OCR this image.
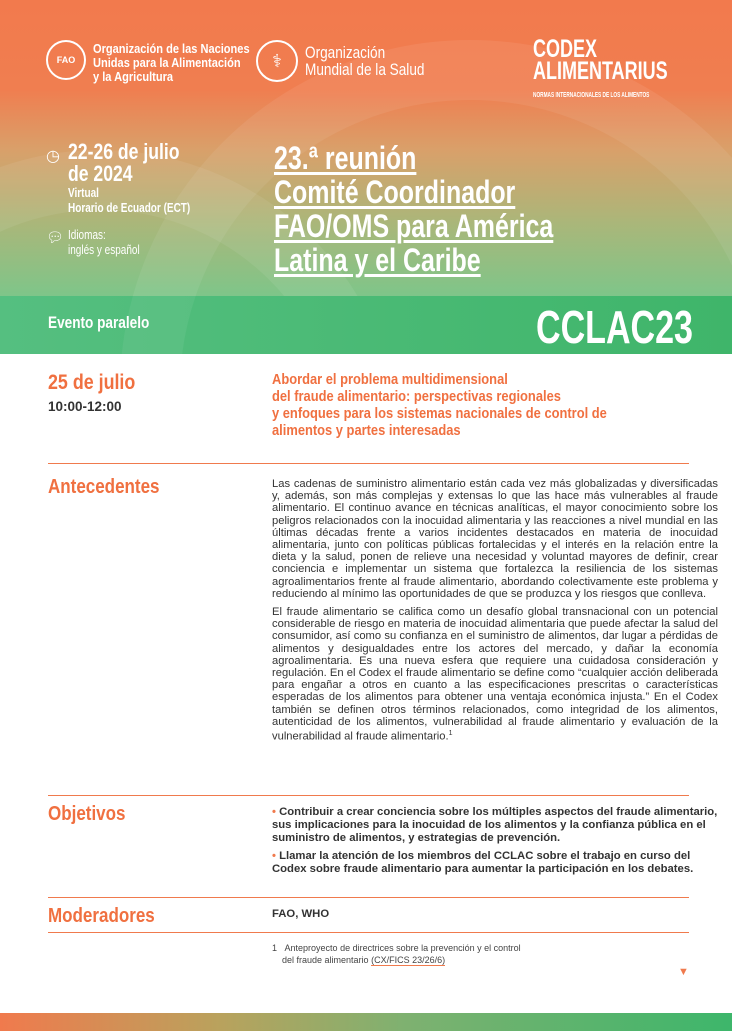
FAO
Organización de las Naciones
Unidas para la Alimentación
y la Agricultura
⚕	Organización
Mundial de la Salud
CODEX
ALIMENTARIUS NORMAS INTERNACIONALES DE LOS ALIMENTOS
◷ 22-26 de julio
de 2024
Virtual
Horario de Ecuador (ECT)
💬︎ Idiomas:
inglés y español
23.ª reunión
Comité Coordinador
FAO/OMS para América
Latina y el Caribe
Evento paralelo	CCLAC23
25 de julio
10:00-12:00
Abordar el problema multidimensional
del fraude alimentario: perspectivas regionales
y enfoques para los sistemas nacionales de control de
alimentos y partes interesadas
Antecedentes	Las cadenas de suministro alimentario están cada vez más globalizadas y diversificadas y, además, son más complejas y extensas lo que las hace más vulnerables al fraude alimentario. El continuo avance en técnicas analíticas, el mayor conocimiento sobre los peligros relacionados con la inocuidad alimentaria y las reacciones a nivel mundial en las últimas décadas frente a varios incidentes destacados en materia de inocuidad alimentaria, junto con políticas públicas fortalecidas y el interés en la relación entre la dieta y la salud, ponen de relieve una necesidad y voluntad mayores de definir, crear conciencia e implementar un sistema que fortalezca la resiliencia de los sistemas agroalimentarios frente al fraude alimentario, abordando colectivamente este problema y reduciendo al mínimo las oportunidades de que se produzca y los riesgos que conlleva.

El fraude alimentario se califica como un desafío global transnacional con un potencial considerable de riesgo en materia de inocuidad alimentaria que puede afectar la salud del consumidor, así como su confianza en el suministro de alimentos, dar lugar a pérdidas de alimentos y desigualdades entre los actores del mercado, y dañar la economía agroalimentaria. Es una nueva esfera que requiere una cuidadosa consideración y regulación. En el Codex el fraude alimentario se define como “cualquier acción deliberada para engañar a otros en cuanto a las especificaciones prescritas o características esperadas de los alimentos para obtener una ventaja económica injusta.” En el Codex también se definen otros términos relacionados, como integridad de los alimentos, autenticidad de los alimentos, vulnerabilidad al fraude alimentario y evaluación de la vulnerabilidad al fraude alimentario.$^1$

Objetivos	• Contribuir a crear conciencia sobre los múltiples aspectos del fraude alimentario, sus implicaciones para la inocuidad de los alimentos y la confianza pública en el suministro de alimentos, y estrategias de prevención.

• Llamar la atención de los miembros del CCLAC sobre el trabajo en curso del Codex sobre fraude alimentario para aumentar la participación en los debates.

Moderadores	FAO, WHO
1 Anteproyecto de directrices sobre la prevención y el control
del fraude alimentario (CX/FICS 23/26/6)
▼
